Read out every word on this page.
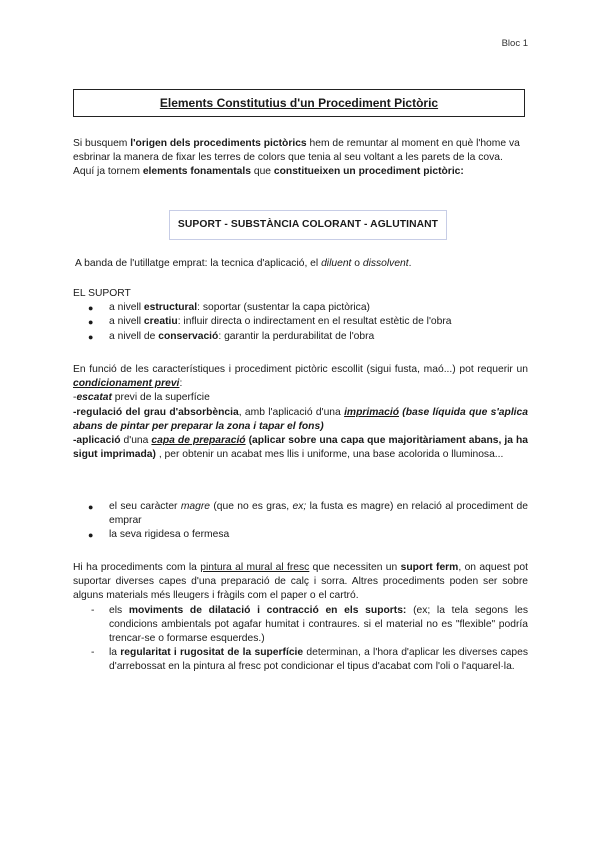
Bloc 1
Elements Constitutius d'un Procediment Pictòric

Si busquem l'origen dels procediments pictòrics hem de remuntar al moment en què l'home va esbrinar la manera de fixar les terres de colors que tenia al seu voltant a les parets de la cova.

Aquí ja tornem elements fonamentals que constitueixen un procediment pictòric:

SUPORT - SUBSTÀNCIA COLORANT - AGLUTINANT
A banda de l'utillatge emprat: la tecnica d'aplicació, el diluent o dissolvent.

EL SUPORT

● a nivell estructural: soportar (sustentar la capa pictòrica)
● a nivell creatiu: influir directa o indirectament en el resultat estètic de l'obra
● a nivell de conservació: garantir la perdurabilitat de l'obra

En funció de les característiques i procediment pictòric escollit (sigui fusta, maó...) pot requerir un condicionament previ:

-escatat previ de la superfície

-regulació del grau d'absorbència, amb l'aplicació d'una imprimació (base líquida que s'aplica abans de pintar per preparar la zona i tapar el fons)

-aplicació d'una capa de preparació (aplicar sobre una capa que majoritàriament abans, ja ha sigut imprimada) , per obtenir un acabat mes llis i uniforme, una base acolorida o lluminosa...

● el seu caràcter magre (que no es gras, ex; la fusta es magre) en relació al procediment de emprar
● la seva rigidesa o fermesa

Hi ha procediments com la pintura al mural al fresc que necessiten un suport ferm, on aquest pot suportar diverses capes d'una preparació de calç i sorra. Altres procediments poden ser sobre alguns materials més lleugers i fràgils com el paper o el cartró.

- els moviments de dilatació i contracció en els suports: (ex; la tela segons les condicions ambientals pot agafar humitat i contraures. si el material no es "flexible" podría trencar-se o formarse esquerdes.)
- la regularitat i rugositat de la superfície determinan, a l'hora d'aplicar les diverses capes d'arrebossat en la pintura al fresc pot condicionar el tipus d'acabat com l'oli o l'aquarel·la.
